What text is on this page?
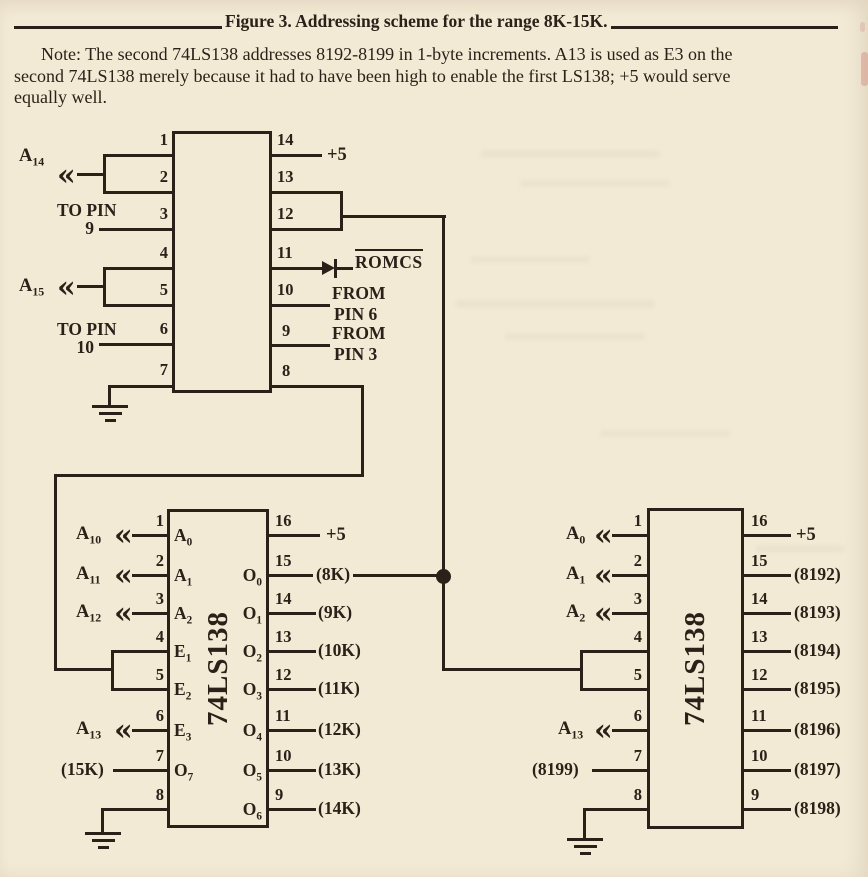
Figure 3. Addressing scheme for the range 8K-15K.
Note: The second 74LS138 addresses 8192-8199 in 1-byte increments. A13 is used as E3 on the
second 74LS138 merely because it had to have been high to enable the first LS138; +5 would serve
equally well.
1
2
3
4
5
6
7
14
13
12
11
10
9
8
«
$A_{14}$
TO PIN
9
«
$A_{15}$
TO PIN
10
+5
ROMCS
FROM
PIN 6
FROM
PIN 3
74LS138
1
2
3
4
5
6
7
8
16
15
14
13
12
11
10
9
$A_0$
$A_1$
$A_2$
$E_1$
$E_2$
$E_3$
$O_7$
$O_0$
$O_1$
$O_2$
$O_3$
$O_4$
$O_5$
$O_6$
$A_{10}$ «
$A_{11}$ «
$A_{12}$ «
$A_{13}$ «
(15K)
+5
(8K)
(9K)
(10K)
(11K)
(12K)
(13K)
(14K)
74LS138
1
2
3
4
5
6
7
8
16
15
14
13
12
11
10
9
$A_0$ «
$A_1$ «
$A_2$ «
$A_{13}$ «
(8199)
+5
(8192)
(8193)
(8194)
(8195)
(8196)
(8197)
(8198)
